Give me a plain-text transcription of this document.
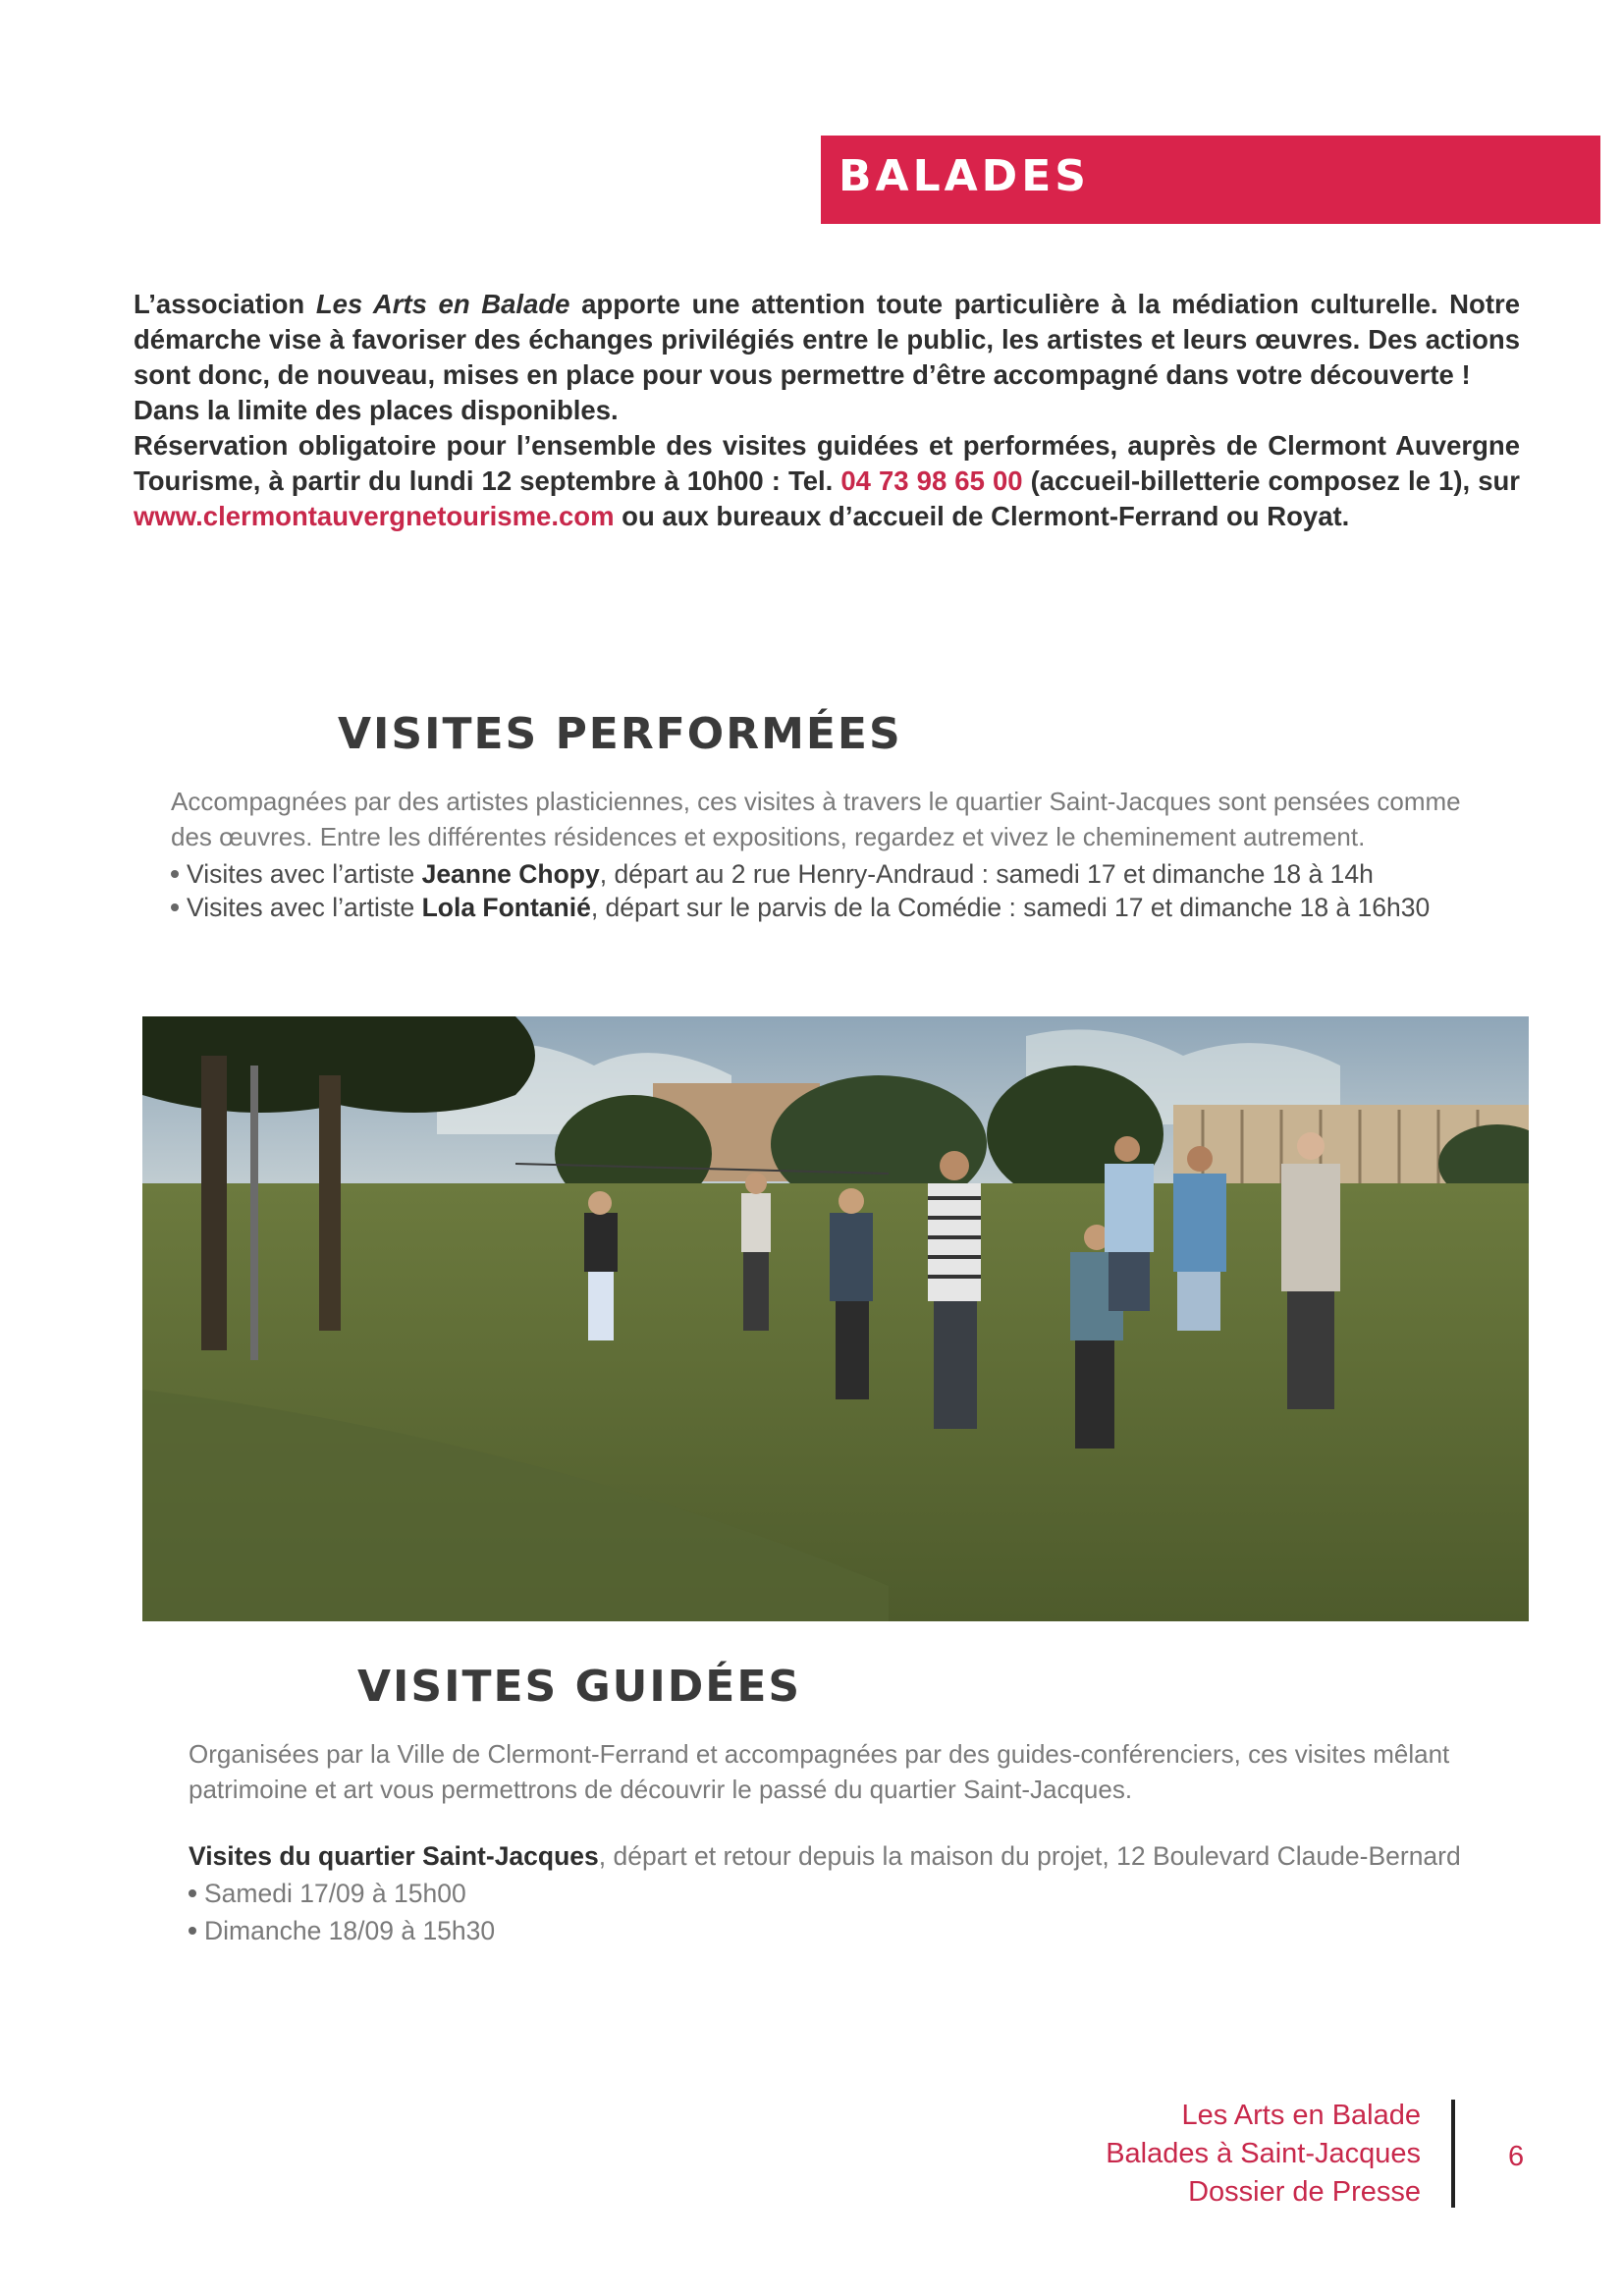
BALADES

L’association Les Arts en Balade apporte une attention toute particulière à la médiation culturelle. Notre démarche vise à favoriser des échanges privilégiés entre le public, les artistes et leurs œuvres. Des actions sont donc, de nouveau, mises en place pour vous permettre d’être accompagné dans votre découverte !

Dans la limite des places disponibles.

Réservation obligatoire pour l’ensemble des visites guidées et performées, auprès de Clermont Auvergne Tourisme, à partir du lundi 12 septembre à 10h00 : Tel. 04 73 98 65 00 (accueil-billetterie composez le 1), sur www.clermontauvergnetourisme.com ou aux bureaux d’accueil de Clermont-Ferrand ou Royat.

VISITES PERFORMÉES
Accompagnées par des artistes plasticiennes, ces visites à travers le quartier Saint-Jacques sont pensées comme des œuvres. Entre les différentes résidences et expositions, regardez et vivez le cheminement autrement.
Visites avec l’artiste Jeanne Chopy, départ au 2 rue Henry-Andraud : samedi 17 et dimanche 18 à 14h
Visites avec l’artiste Lola Fontanié, départ sur le parvis de la Comédie : samedi 17 et dimanche 18 à 16h30
VISITES GUIDÉES
Organisées par la Ville de Clermont-Ferrand et accompagnées par des guides-conférenciers, ces visites mêlant patrimoine et art vous permettrons de découvrir le passé du quartier Saint-Jacques.
Visites du quartier Saint-Jacques, départ et retour depuis la maison du projet, 12 Boulevard Claude-Bernard
Samedi 17/09 à 15h00
Dimanche 18/09 à 15h30
Les Arts en Balade
Balades à Saint-Jacques
Dossier de Presse
6
